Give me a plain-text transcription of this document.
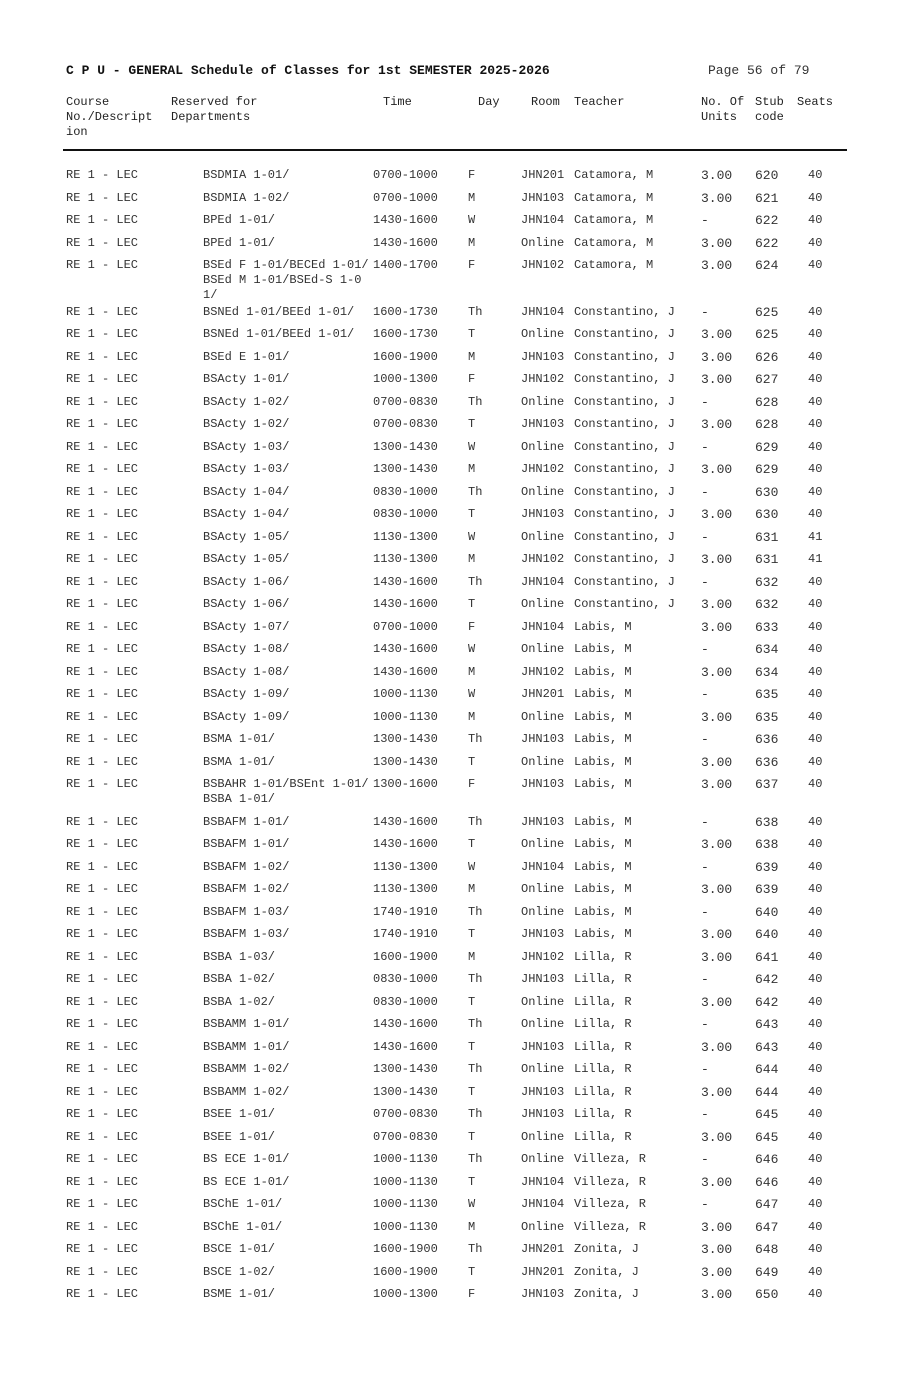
C P U - GENERAL Schedule of Classes for 1st SEMESTER 2025-2026	Page 56 of 79
Course
No./Descript
ion
Reserved for
Departments
Time	Day	Room Teacher	No. Of
Units
Stub
code
Seats
RE 1 - LEC	BSDMIA 1-01/	0700-1000	F	JHN201 Catamora, M	3.00 620 40
RE 1 - LEC	BSDMIA 1-02/	0700-1000	M	JHN103 Catamora, M	3.00 621 40
RE 1 - LEC	BPEd 1-01/	1430-1600	W	JHN104 Catamora, M	-	622 40
RE 1 - LEC	BPEd 1-01/	1430-1600	M	Online Catamora, M	3.00 622 40
RE 1 - LEC	BSEd F 1-01/BECEd 1-01/BSEd M 1-01/BSEd-S 1-01/
1400-1700	F	JHN102 Catamora, M	3.00 624 40
RE 1 - LEC	BSNEd 1-01/BEEd 1-01/	1600-1730	Th	JHN104 Constantino, J -	625 40
RE 1 - LEC	BSNEd 1-01/BEEd 1-01/	1600-1730	T	Online Constantino, J 3.00 625 40
RE 1 - LEC	BSEd E 1-01/	1600-1900	M	JHN103 Constantino, J 3.00 626 40
RE 1 - LEC	BSActy 1-01/	1000-1300	F	JHN102 Constantino, J 3.00 627 40
RE 1 - LEC	BSActy 1-02/	0700-0830	Th	Online Constantino, J -	628 40
RE 1 - LEC	BSActy 1-02/	0700-0830	T	JHN103 Constantino, J 3.00 628 40
RE 1 - LEC	BSActy 1-03/	1300-1430	W	Online Constantino, J -	629 40
RE 1 - LEC	BSActy 1-03/	1300-1430	M	JHN102 Constantino, J 3.00 629 40
RE 1 - LEC	BSActy 1-04/	0830-1000	Th	Online Constantino, J -	630 40
RE 1 - LEC	BSActy 1-04/	0830-1000	T	JHN103 Constantino, J 3.00 630 40
RE 1 - LEC	BSActy 1-05/	1130-1300	W	Online Constantino, J -	631 41
RE 1 - LEC	BSActy 1-05/	1130-1300	M	JHN102 Constantino, J 3.00 631 41
RE 1 - LEC	BSActy 1-06/	1430-1600	Th	JHN104 Constantino, J -	632 40
RE 1 - LEC	BSActy 1-06/	1430-1600	T	Online Constantino, J 3.00 632 40
RE 1 - LEC	BSActy 1-07/	0700-1000	F	JHN104 Labis, M	3.00 633 40
RE 1 - LEC	BSActy 1-08/	1430-1600	W	Online Labis, M	-	634 40
RE 1 - LEC	BSActy 1-08/	1430-1600	M	JHN102 Labis, M	3.00 634 40
RE 1 - LEC	BSActy 1-09/	1000-1130	W	JHN201 Labis, M	-	635 40
RE 1 - LEC	BSActy 1-09/	1000-1130	M	Online Labis, M	3.00 635 40
RE 1 - LEC	BSMA 1-01/	1300-1430	Th	JHN103 Labis, M	-	636 40
RE 1 - LEC	BSMA 1-01/	1300-1430	T	Online Labis, M	3.00 636 40
RE 1 - LEC	BSBAHR 1-01/BSEnt 1-01/BSBA 1-01/
1300-1600	F	JHN103 Labis, M	3.00 637 40
RE 1 - LEC	BSBAFM 1-01/	1430-1600	Th	JHN103 Labis, M	-	638 40
RE 1 - LEC	BSBAFM 1-01/	1430-1600	T	Online Labis, M	3.00 638 40
RE 1 - LEC	BSBAFM 1-02/	1130-1300	W	JHN104 Labis, M	-	639 40
RE 1 - LEC	BSBAFM 1-02/	1130-1300	M	Online Labis, M	3.00 639 40
RE 1 - LEC	BSBAFM 1-03/	1740-1910	Th	Online Labis, M	-	640 40
RE 1 - LEC	BSBAFM 1-03/	1740-1910	T	JHN103 Labis, M	3.00 640 40
RE 1 - LEC	BSBA 1-03/	1600-1900	M	JHN102 Lilla, R	3.00 641 40
RE 1 - LEC	BSBA 1-02/	0830-1000	Th	JHN103 Lilla, R	-	642 40
RE 1 - LEC	BSBA 1-02/	0830-1000	T	Online Lilla, R	3.00 642 40
RE 1 - LEC	BSBAMM 1-01/	1430-1600	Th	Online Lilla, R	-	643 40
RE 1 - LEC	BSBAMM 1-01/	1430-1600	T	JHN103 Lilla, R	3.00 643 40
RE 1 - LEC	BSBAMM 1-02/	1300-1430	Th	Online Lilla, R	-	644 40
RE 1 - LEC	BSBAMM 1-02/	1300-1430	T	JHN103 Lilla, R	3.00 644 40
RE 1 - LEC	BSEE 1-01/	0700-0830	Th	JHN103 Lilla, R	-	645 40
RE 1 - LEC	BSEE 1-01/	0700-0830	T	Online Lilla, R	3.00 645 40
RE 1 - LEC	BS ECE 1-01/	1000-1130	Th	Online Villeza, R	-	646 40
RE 1 - LEC	BS ECE 1-01/	1000-1130	T	JHN104 Villeza, R	3.00 646 40
RE 1 - LEC	BSChE 1-01/	1000-1130	W	JHN104 Villeza, R	-	647 40
RE 1 - LEC	BSChE 1-01/	1000-1130	M	Online Villeza, R	3.00 647 40
RE 1 - LEC	BSCE 1-01/	1600-1900	Th	JHN201 Zonita, J	3.00 648 40
RE 1 - LEC	BSCE 1-02/	1600-1900	T	JHN201 Zonita, J	3.00 649 40
RE 1 - LEC	BSME 1-01/	1000-1300	F	JHN103 Zonita, J	3.00 650 40
